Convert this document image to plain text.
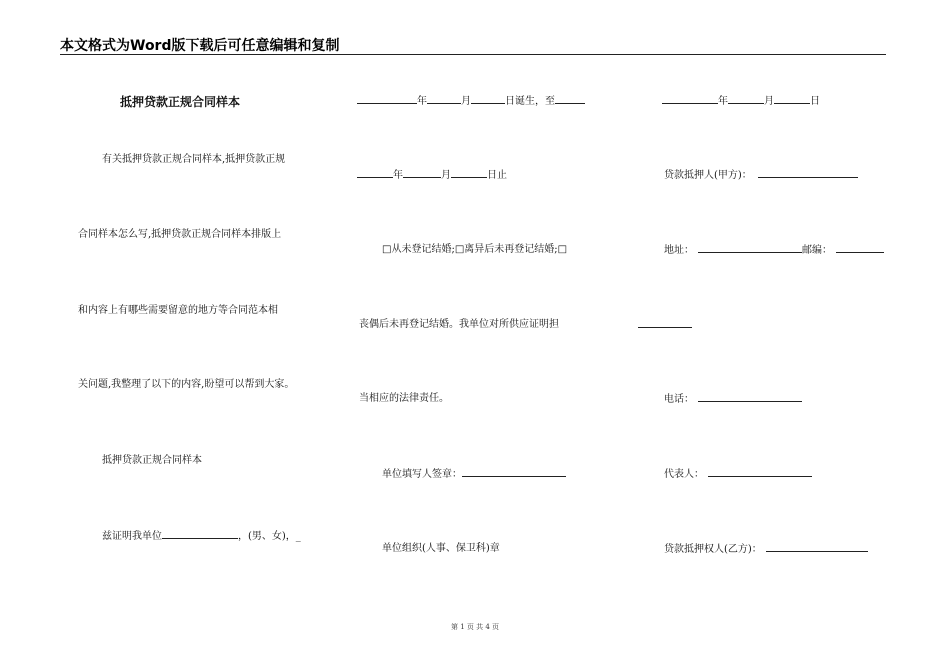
本文格式为Word版下载后可任意编辑和复制
抵押贷款正规合同样本
有关抵押贷款正规合同样本,抵押贷款正规
合同样本怎么写,抵押贷款正规合同样本排版上
和内容上有哪些需要留意的地方等合同范本相
关问题,我整理了以下的内容,盼望可以帮到大家。
抵押贷款正规合同样本
兹证明我单位	，(男、女)，_
年	月	日诞生，至
年	月	日止
□从未登记结婚;□离异后未再登记结婚;□
丧偶后未再登记结婚。我单位对所供应证明担
当相应的法律责任。
单位填写人签章：
单位组织(人事、保卫科)章
年	月	日
贷款抵押人(甲方)：
地址：	邮编：
电话：
代表人：
贷款抵押权人(乙方)：
第 1 页 共 4 页
